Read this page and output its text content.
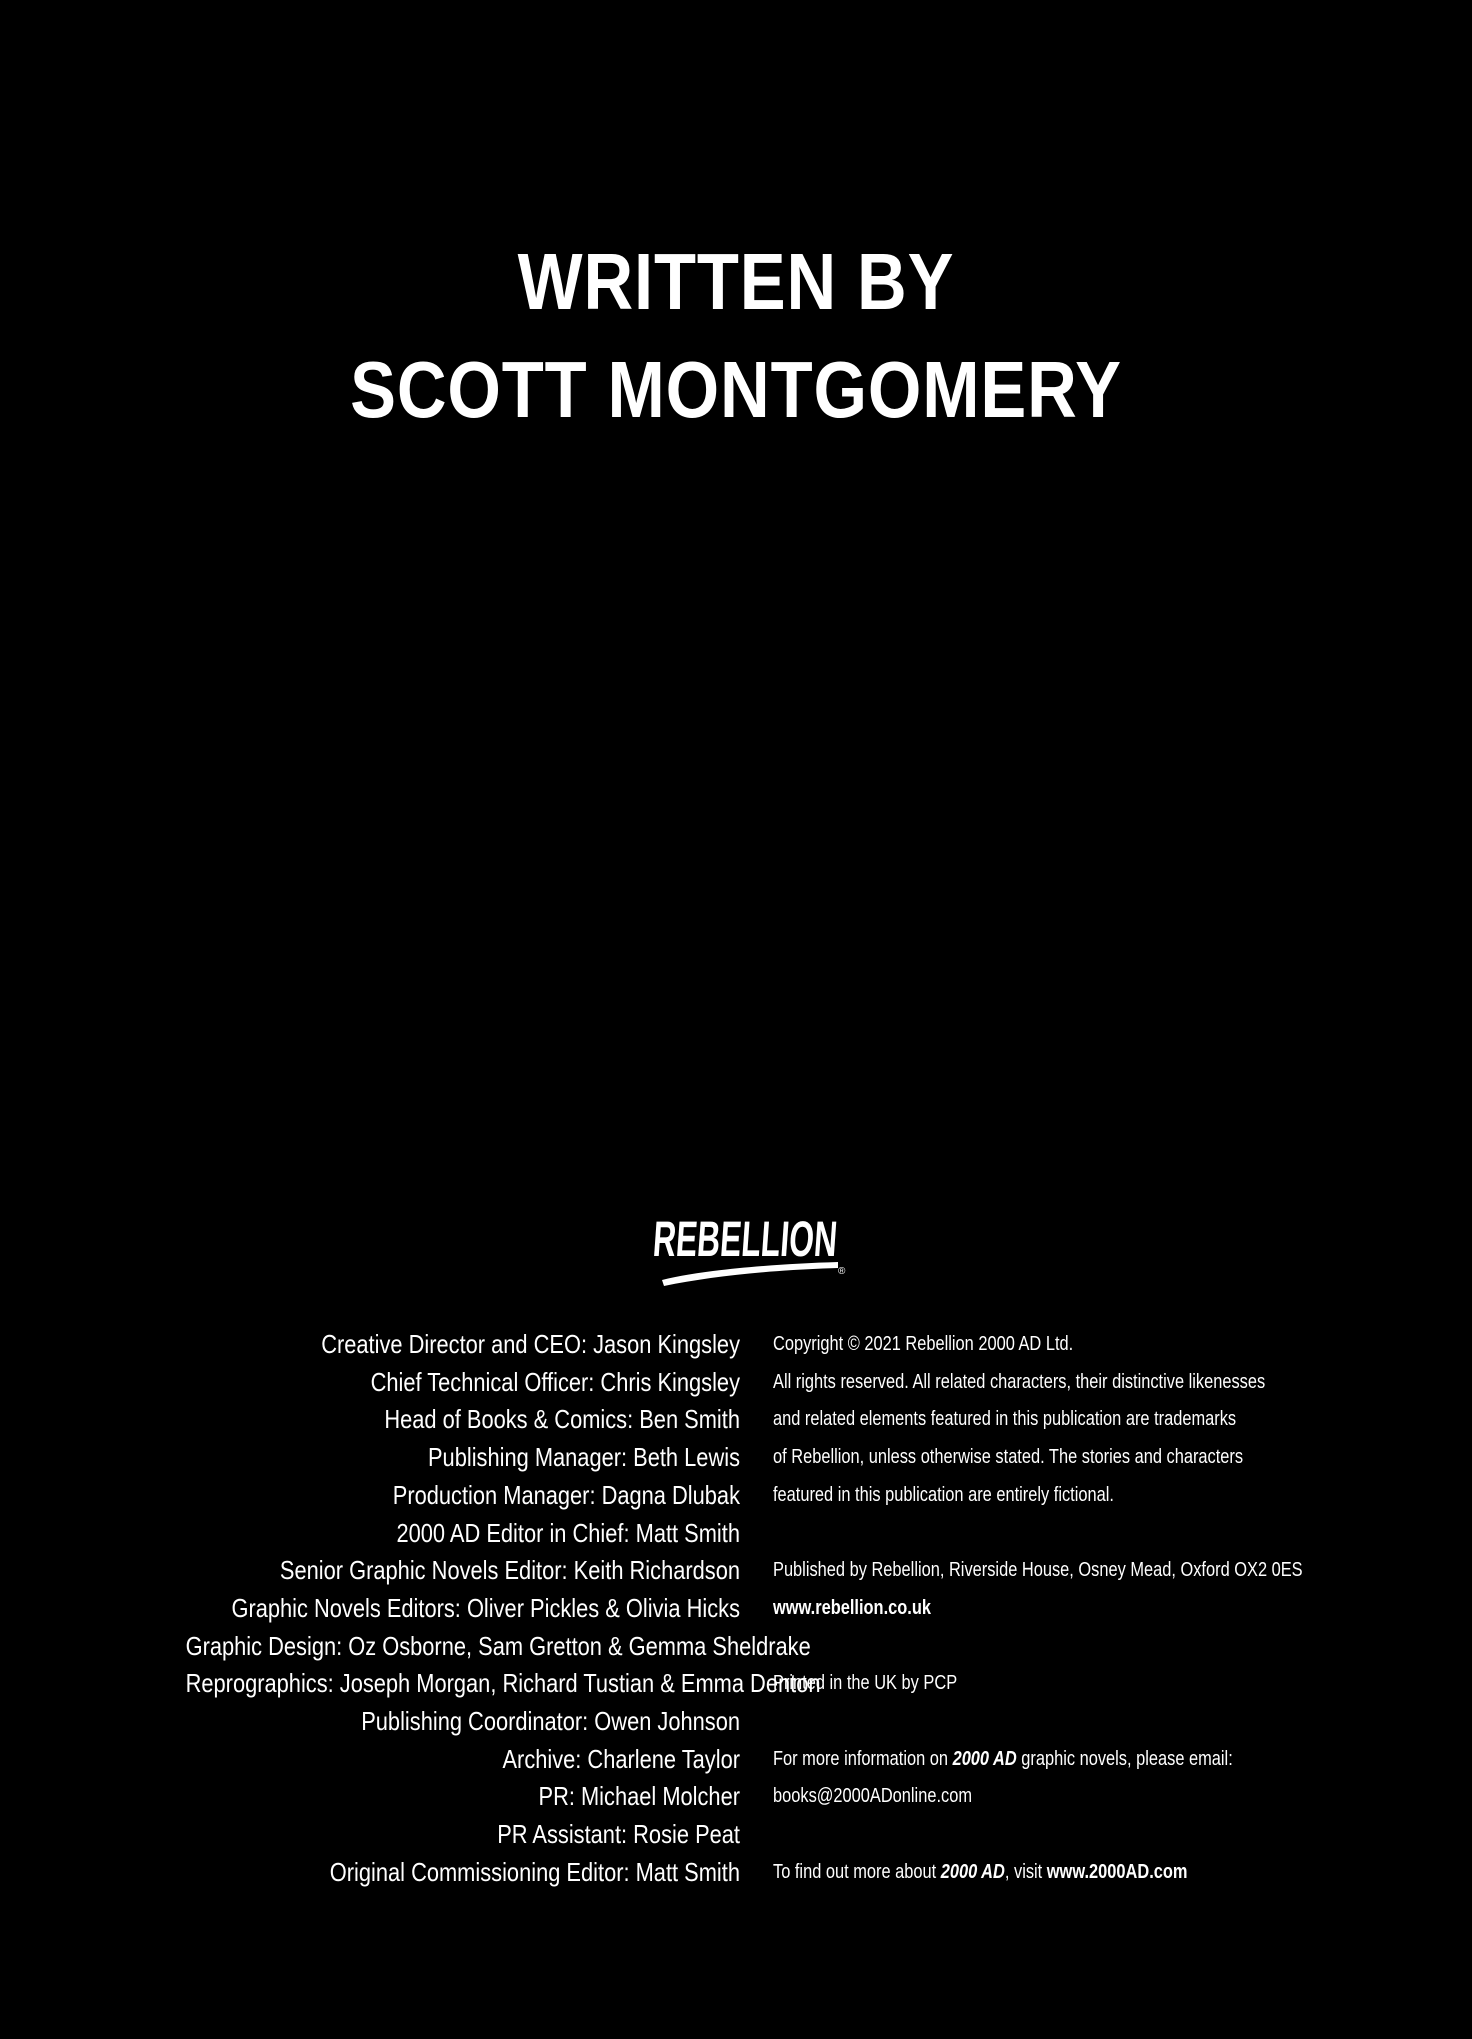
WRITTEN BY
SCOTT MONTGOMERY
REBELLION
®
Creative Director and CEO: Jason Kingsley
Chief Technical Officer: Chris Kingsley
Head of Books & Comics: Ben Smith
Publishing Manager: Beth Lewis
Production Manager: Dagna Dlubak
2000 AD Editor in Chief: Matt Smith
Senior Graphic Novels Editor: Keith Richardson
Graphic Novels Editors: Oliver Pickles & Olivia Hicks
Graphic Design: Oz Osborne, Sam Gretton & Gemma Sheldrake
Reprographics: Joseph Morgan, Richard Tustian & Emma Denton
Publishing Coordinator: Owen Johnson
Archive: Charlene Taylor
PR: Michael Molcher
PR Assistant: Rosie Peat
Original Commissioning Editor: Matt Smith
Copyright © 2021 Rebellion 2000 AD Ltd.
All rights reserved. All related characters, their distinctive likenesses
and related elements featured in this publication are trademarks
of Rebellion, unless otherwise stated. The stories and characters
featured in this publication are entirely fictional.
Published by Rebellion, Riverside House, Osney Mead, Oxford OX2 0ES
www.rebellion.co.uk
Printed in the UK by PCP
For more information on 2000 AD graphic novels, please email:
books@2000ADonline.com
To find out more about 2000 AD, visit www.2000AD.com
